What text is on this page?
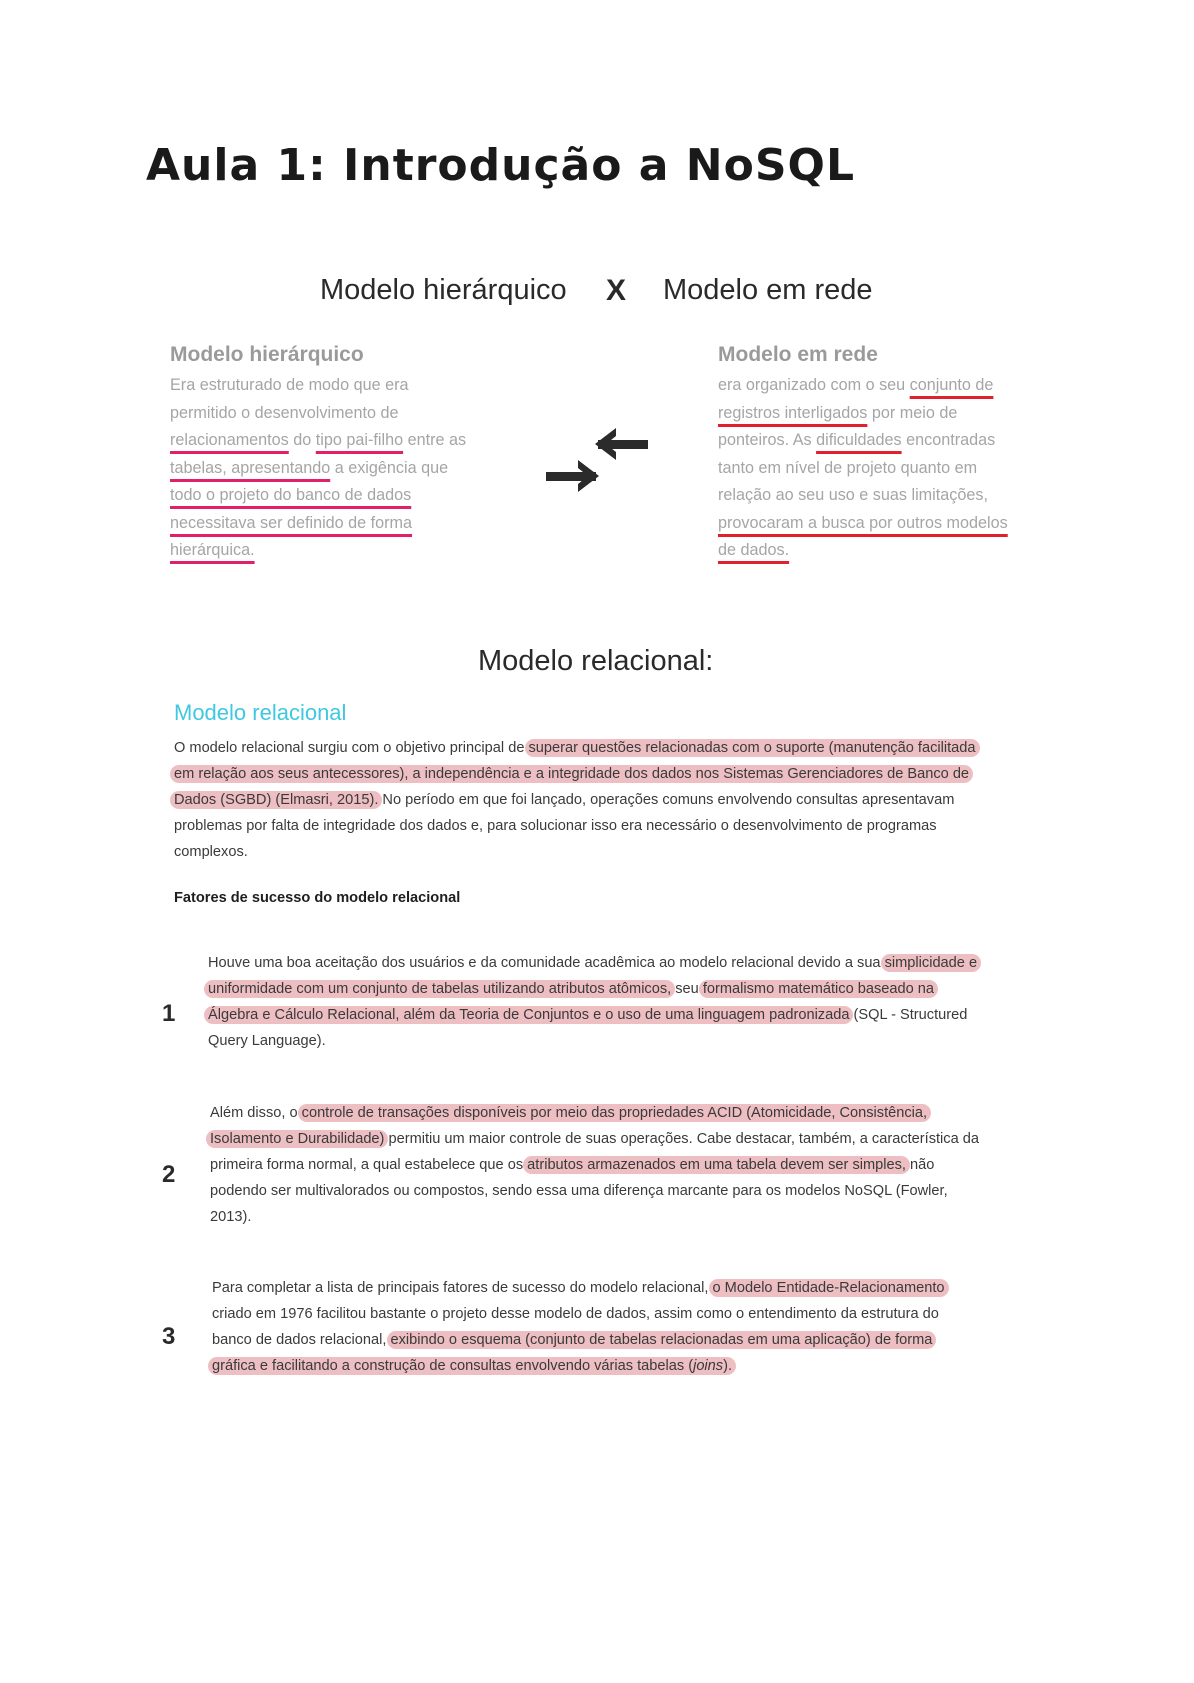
Aula 1: Introdução a NoSQL
Modelo hierárquico X Modelo em rede
Modelo hierárquico
Era estruturado de modo que era
permitido o desenvolvimento de
relacionamentos do tipo pai-filho entre as
tabelas, apresentando a exigência que
todo o projeto do banco de dados
necessitava ser definido de forma
hierárquica.
Modelo em rede
era organizado com o seu conjunto de
registros interligados por meio de
ponteiros. As dificuldades encontradas
tanto em nível de projeto quanto em
relação ao seu uso e suas limitações,
provocaram a busca por outros modelos
de dados.
Modelo relacional:
Modelo relacional
O modelo relacional surgiu com o objetivo principal de superar questões relacionadas com o suporte (manutenção facilitada
em relação aos seus antecessores), a independência e a integridade dos dados nos Sistemas Gerenciadores de Banco de
Dados (SGBD) (Elmasri, 2015). No período em que foi lançado, operações comuns envolvendo consultas apresentavam
problemas por falta de integridade dos dados e, para solucionar isso era necessário o desenvolvimento de programas
complexos.
Fatores de sucesso do modelo relacional
1
Houve uma boa aceitação dos usuários e da comunidade acadêmica ao modelo relacional devido a sua simplicidade e
uniformidade com um conjunto de tabelas utilizando atributos atômicos, seu formalismo matemático baseado na
Álgebra e Cálculo Relacional, além da Teoria de Conjuntos e o uso de uma linguagem padronizada (SQL - Structured
Query Language).
2
Além disso, o controle de transações disponíveis por meio das propriedades ACID (Atomicidade, Consistência,
Isolamento e Durabilidade) permitiu um maior controle de suas operações. Cabe destacar, também, a característica da
primeira forma normal, a qual estabelece que os atributos armazenados em uma tabela devem ser simples, não
podendo ser multivalorados ou compostos, sendo essa uma diferença marcante para os modelos NoSQL (Fowler,
2013).
3
Para completar a lista de principais fatores de sucesso do modelo relacional, o Modelo Entidade-Relacionamento
criado em 1976 facilitou bastante o projeto desse modelo de dados, assim como o entendimento da estrutura do
banco de dados relacional, exibindo o esquema (conjunto de tabelas relacionadas em uma aplicação) de forma
gráfica e facilitando a construção de consultas envolvendo várias tabelas (joins).
